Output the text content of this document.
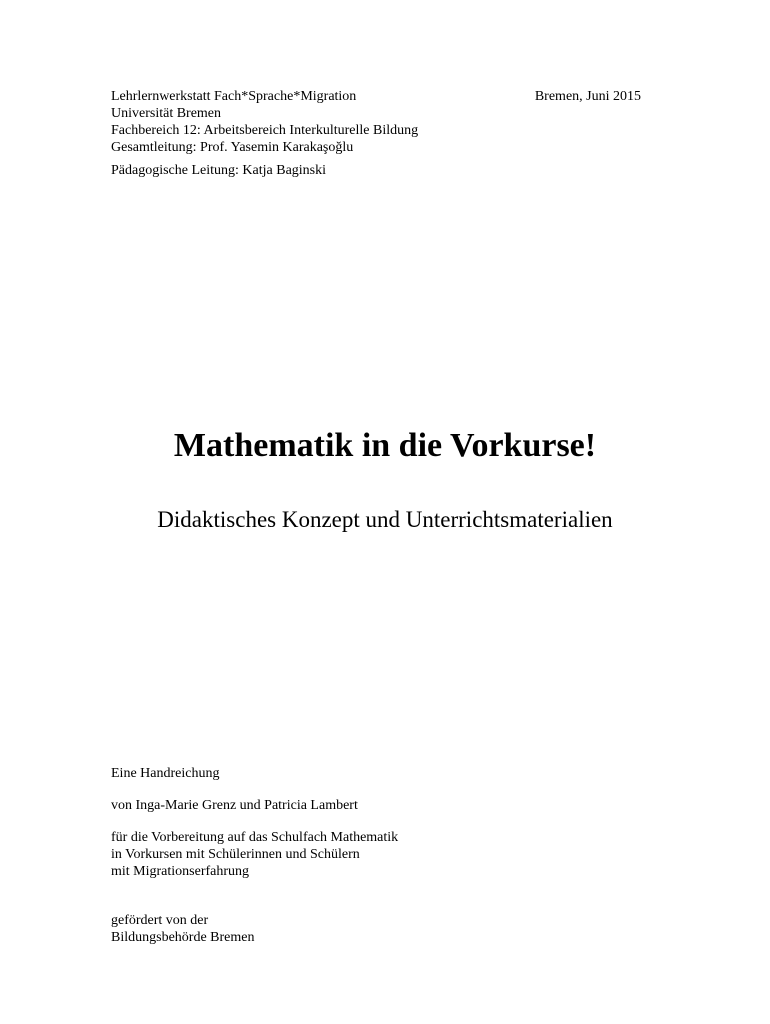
Lehrlernwerkstatt Fach*Sprache*Migration
Universität Bremen
Fachbereich 12: Arbeitsbereich Interkulturelle Bildung
Gesamtleitung: Prof. Yasemin Karakaşoğlu
Pädagogische Leitung: Katja Baginski
Bremen, Juni 2015
Mathematik in die Vorkurse!
Didaktisches Konzept und Unterrichtsmaterialien
Eine Handreichung
von Inga-Marie Grenz und Patricia Lambert
für die Vorbereitung auf das Schulfach Mathematik
in Vorkursen mit Schülerinnen und Schülern
mit Migrationserfahrung
gefördert von der
Bildungsbehörde Bremen
